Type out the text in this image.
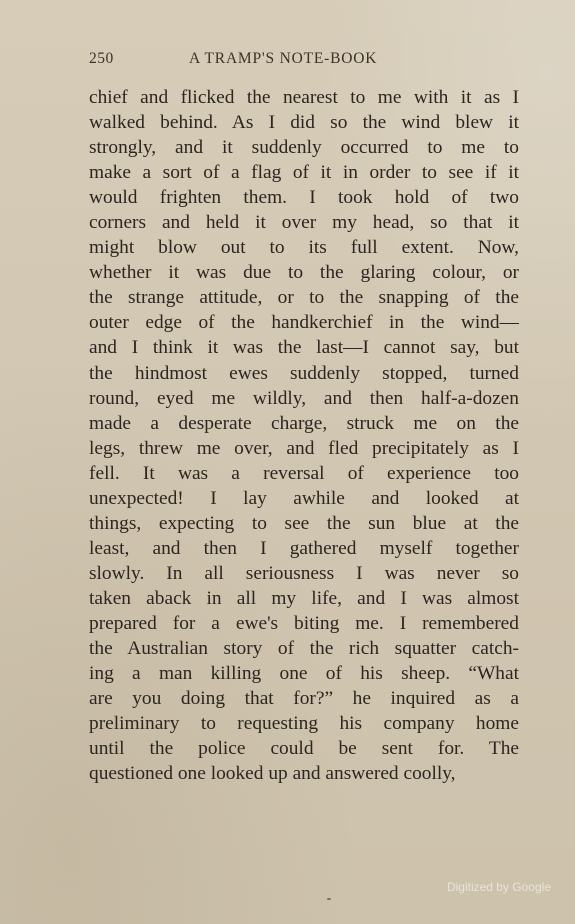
250	A TRAMP'S NOTE-BOOK
chief and flicked the nearest to me with it as I
walked behind. As I did so the wind blew it
strongly, and it suddenly occurred to me to
make a sort of a flag of it in order to see if it
would frighten them. I took hold of two
corners and held it over my head, so that it
might blow out to its full extent. Now,
whether it was due to the glaring colour, or
the strange attitude, or to the snapping of the
outer edge of the handkerchief in the wind—
and I think it was the last—I cannot say, but
the hindmost ewes suddenly stopped, turned
round, eyed me wildly, and then half-a-dozen
made a desperate charge, struck me on the
legs, threw me over, and fled precipitately as I
fell. It was a reversal of experience too
unexpected! I lay awhile and looked at
things, expecting to see the sun blue at the
least, and then I gathered myself together
slowly. In all seriousness I was never so
taken aback in all my life, and I was almost
prepared for a ewe's biting me. I remembered
the Australian story of the rich squatter catch-
ing a man killing one of his sheep. “What
are you doing that for?” he inquired as a
preliminary to requesting his company home
until the police could be sent for. The
questioned one looked up and answered coolly,
Digitized by Google
